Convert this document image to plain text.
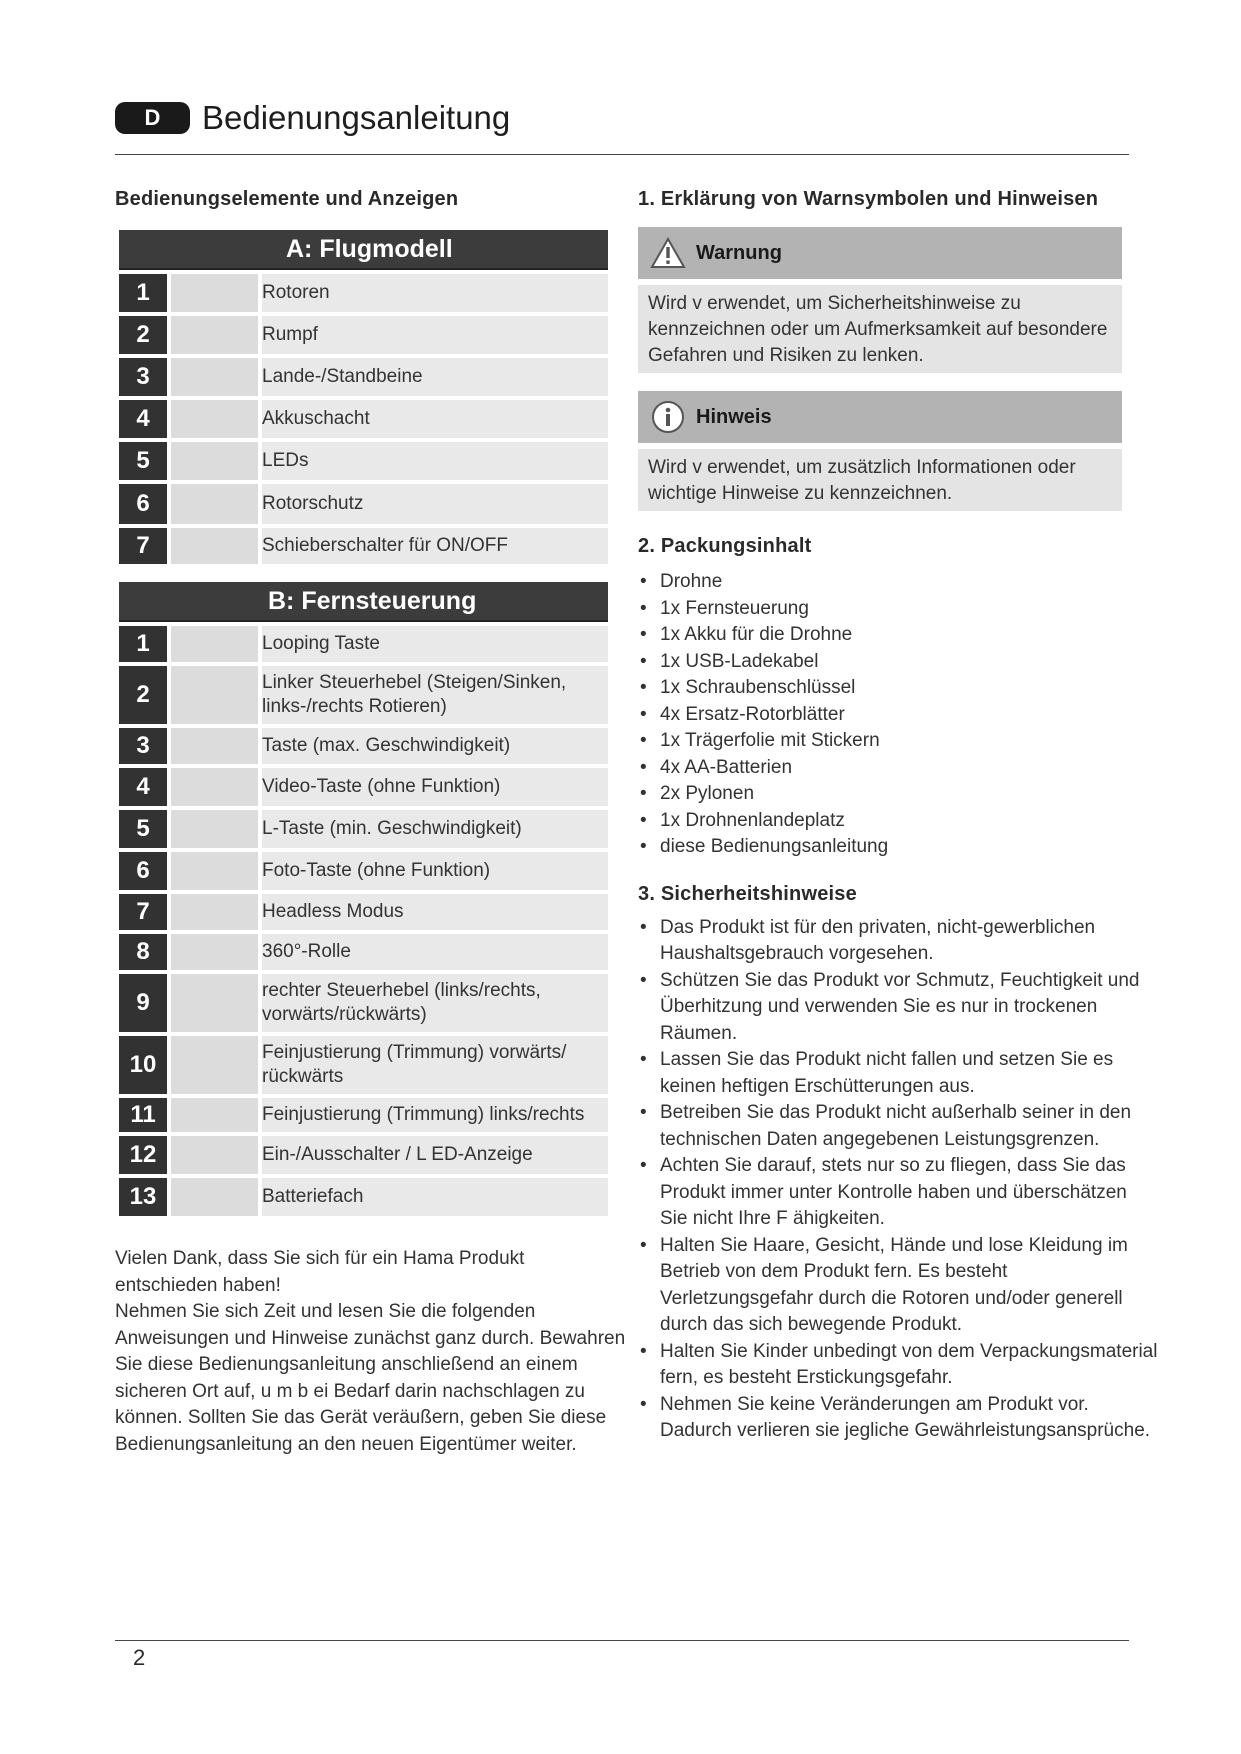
D	Bedienungsanleitung
Bedienungselemente und Anzeigen
A: Flugmodell		
1		Rotoren
2		Rumpf
3		Lande-/Standbeine
4		Akkuschacht
5		LEDs
6		Rotorschutz
7		Schieberschalter für ON/OFF
B: Fernsteuerung		
1		Looping Taste
2		Linker Steuerhebel (Steigen/Sinken, links-/rechts Rotieren)
3		Taste (max. Geschwindigkeit)
4		Video-Taste (ohne Funktion)
5		L-Taste (min. Geschwindigkeit)
6		Foto-Taste (ohne Funktion)
7		Headless Modus
8		360°-Rolle
9		rechter Steuerhebel (links/rechts, vorwärts/rückwärts)
10		Feinjustierung (Trimmung) vorwärts/ rückwärts
11		Feinjustierung (Trimmung) links/rechts
12		Ein-/Ausschalter / L ED-Anzeige
13		Batteriefach

Vielen Dank, dass Sie sich für ein Hama Produkt entschieden haben!

Nehmen Sie sich Zeit und lesen Sie die folgenden Anweisungen und Hinweise zunächst ganz durch. Bewahren Sie diese Bedienungsanleitung anschließend an einem sicheren Ort auf, u m b ei Bedarf darin nachschlagen zu können. Sollten Sie das Gerät veräußern, geben Sie diese Bedienungsanleitung an den neuen Eigentümer weiter.

1. Erklärung von Warnsymbolen und Hinweisen
Warnung
Wird v erwendet, um Sicherheitshinweise zu kennzeichnen oder um Aufmerksamkeit auf besondere Gefahren und Risiken zu lenken.
Hinweis
Wird v erwendet, um zusätzlich Informationen oder wichtige Hinweise zu kennzeichnen.
2. Packungsinhalt
• Drohne
• 1x Fernsteuerung
• 1x Akku für die Drohne
• 1x USB-Ladekabel
• 1x Schraubenschlüssel
• 4x Ersatz-Rotorblätter
• 1x Trägerfolie mit Stickern
• 4x AA-Batterien
• 2x Pylonen
• 1x Drohnenlandeplatz
• diese Bedienungsanleitung
3. Sicherheitshinweise
• Das Produkt ist für den privaten, nicht-gewerblichen Haushaltsgebrauch vorgesehen.
• Schützen Sie das Produkt vor Schmutz, Feuchtigkeit und Überhitzung und verwenden Sie es nur in trockenen Räumen.
• Lassen Sie das Produkt nicht fallen und setzen Sie es keinen heftigen Erschütterungen aus.
• Betreiben Sie das Produkt nicht außerhalb seiner in den technischen Daten angegebenen Leistungsgrenzen.
• Achten Sie darauf, stets nur so zu fliegen, dass Sie das Produkt immer unter Kontrolle haben und überschätzen Sie nicht Ihre F ähigkeiten.
• Halten Sie Haare, Gesicht, Hände und lose Kleidung im Betrieb von dem Produkt fern. Es besteht Verletzungsgefahr durch die Rotoren und/oder generell durch das sich bewegende Produkt.
• Halten Sie Kinder unbedingt von dem Verpackungsmaterial fern, es besteht Erstickungsgefahr.
• Nehmen Sie keine Veränderungen am Produkt vor. Dadurch verlieren sie jegliche Gewährleistungsansprüche.
2
